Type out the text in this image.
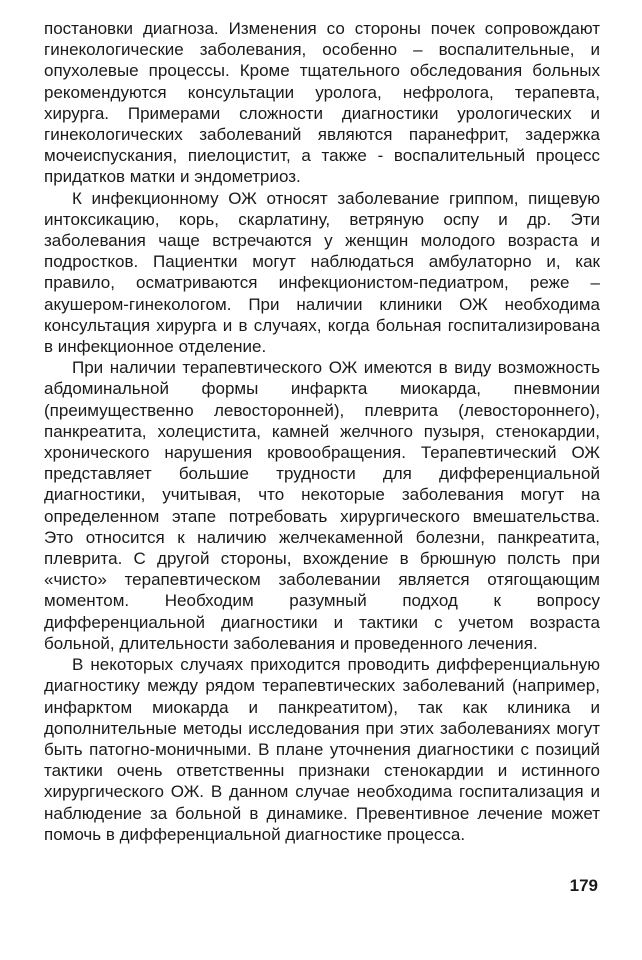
постановки диагноза. Изменения со стороны почек сопровождают гинекологические заболевания, особенно – воспалительные, и опухолевые процессы. Кроме тщательного обследования больных рекомендуются консультации уролога, нефролога, терапевта, хирурга. Примерами сложности диагностики урологических и гинекологических заболеваний являются паранефрит, задержка мочеиспускания, пиелоцистит, а также - воспалительный процесс придатков матки и эндометриоз.

К инфекционному ОЖ относят заболевание гриппом, пищевую интоксикацию, корь, скарлатину, ветряную оспу и др. Эти заболевания чаще встречаются у женщин молодого возраста и подростков. Пациентки могут наблюдаться амбулаторно и, как правило, осматриваются инфекционистом-педиатром, реже – акушером-гинекологом. При наличии клиники ОЖ необходима консультация хирурга и в случаях, когда больная госпитализирована в инфекционное отделение.

При наличии терапевтического ОЖ имеются в виду возможность абдоминальной формы инфаркта миокарда, пневмонии (преимущественно левосторонней), плеврита (левостороннего), панкреатита, холецистита, камней желчного пузыря, стенокардии, хронического нарушения кровообращения. Терапевтический ОЖ представляет большие трудности для дифференциальной диагностики, учитывая, что некоторые заболевания могут на определенном этапе потребовать хирургического вмешательства. Это относится к наличию желчекаменной болезни, панкреатита, плеврита. С другой стороны, вхождение в брюшную полсть при «чисто» терапевтическом заболевании является отягощающим моментом. Необходим разумный подход к вопросу дифференциальной диагностики и тактики с учетом возраста больной, длительности заболевания и проведенного лечения.

В некоторых случаях приходится проводить дифференциальную диагностику между рядом терапевтических заболеваний (например, инфарктом миокарда и панкреатитом), так как клиника и дополнительные методы исследования при этих заболеваниях могут быть патогно-моничными. В плане уточнения диагностики с позиций тактики очень ответственны признаки стенокардии и истинного хирургического ОЖ. В данном случае необходима госпитализация и наблюдение за больной в динамике. Превентивное лечение может помочь в дифференциальной диагностике процесса.

179
